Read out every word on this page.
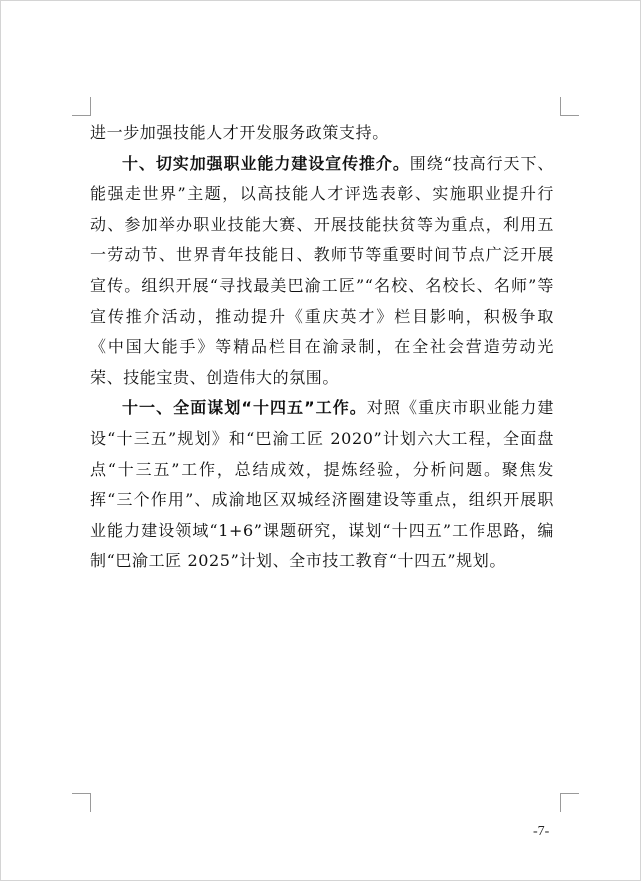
进一步加强技能人才开发服务政策支持。

十、切实加强职业能力建设宣传推介。围绕“技高行天下、能强走世界”主题，以高技能人才评选表彰、实施职业提升行动、参加举办职业技能大赛、开展技能扶贫等为重点，利用五一劳动节、世界青年技能日、教师节等重要时间节点广泛开展宣传。组织开展“寻找最美巴渝工匠”“名校、名校长、名师”等宣传推介活动，推动提升《重庆英才》栏目影响，积极争取《中国大能手》等精品栏目在渝录制，在全社会营造劳动光荣、技能宝贵、创造伟大的氛围。

十一、全面谋划“十四五”工作。对照《重庆市职业能力建设“十三五”规划》和“巴渝工匠 2020”计划六大工程，全面盘点“十三五”工作，总结成效，提炼经验，分析问题。聚焦发挥“三个作用”、成渝地区双城经济圈建设等重点，组织开展职业能力建设领域“1+6”课题研究，谋划“十四五”工作思路，编制“巴渝工匠 2025”计划、全市技工教育“十四五”规划。

-7-
